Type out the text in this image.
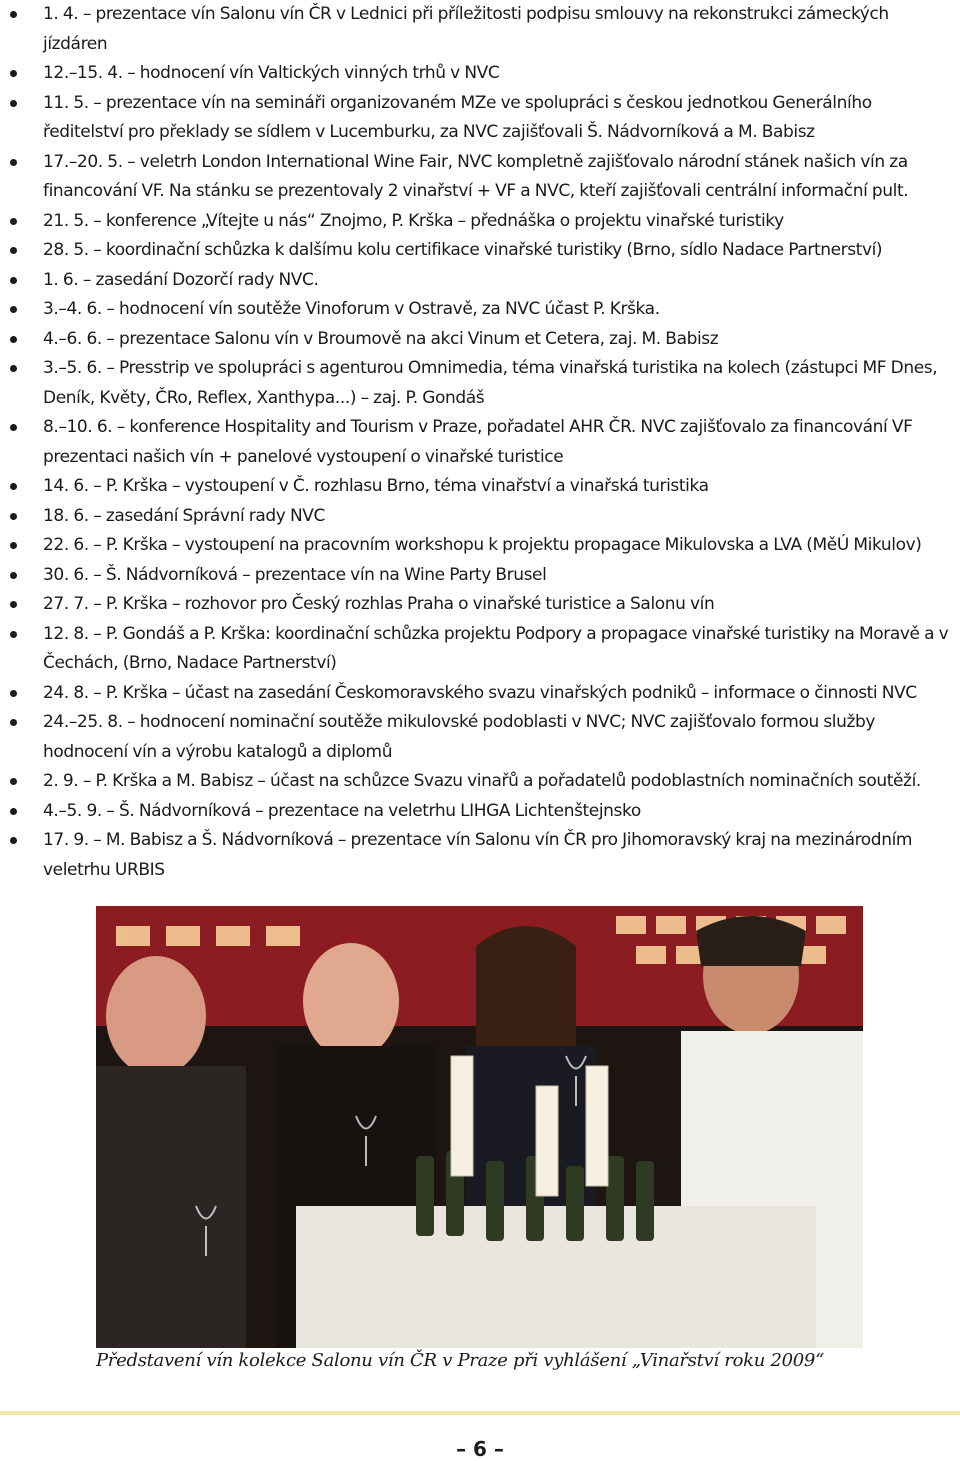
1. 4. – prezentace vín Salonu vín ČR v Lednici při příležitosti podpisu smlouvy na rekonstrukci zámeckých jízdáren
12.–15. 4. – hodnocení vín Valtických vinných trhů v NVC
11. 5. – prezentace vín na semináři organizovaném MZe ve spolupráci s českou jednotkou Generálního ředitelství pro překlady se sídlem v Lucemburku, za NVC zajišťovali Š. Nádvorníková a M. Babisz
17.–20. 5. – veletrh London International Wine Fair, NVC kompletně zajišťovalo národní stánek našich vín za financování VF. Na stánku se prezentovaly 2 vinařství + VF a NVC, kteří zajišťovali centrální informační pult.
21. 5. – konference „Vítejte u nás“ Znojmo, P. Krška – přednáška o projektu vinařské turistiky
28. 5. – koordinační schůzka k dalšímu kolu certifikace vinařské turistiky (Brno, sídlo Nadace Partnerství)
1. 6. – zasedání Dozorčí rady NVC.
3.–4. 6. – hodnocení vín soutěže Vinoforum v Ostravě, za NVC účast P. Krška.
4.–6. 6. – prezentace Salonu vín v Broumově na akci Vinum et Cetera, zaj. M. Babisz
3.–5. 6. – Presstrip ve spolupráci s agenturou Omnimedia, téma vinařská turistika na kolech (zástupci MF Dnes, Deník, Květy, ČRo, Reflex, Xanthypa...) – zaj. P. Gondáš
8.–10. 6. – konference Hospitality and Tourism v Praze, pořadatel AHR ČR. NVC zajišťovalo za financování VF prezentaci našich vín + panelové vystoupení o vinařské turistice
14. 6. – P. Krška – vystoupení v Č. rozhlasu Brno, téma vinařství a vinařská turistika
18. 6. – zasedání Správní rady NVC
22. 6. – P. Krška – vystoupení na pracovním workshopu k projektu propagace Mikulovska a LVA (MěÚ Mikulov)
30. 6. – Š. Nádvorníková – prezentace vín na Wine Party Brusel
27. 7. – P. Krška – rozhovor pro Český rozhlas Praha o vinařské turistice a Salonu vín
12. 8. – P. Gondáš a P. Krška: koordinační schůzka projektu Podpory a propagace vinařské turistiky na Moravě a v Čechách, (Brno, Nadace Partnerství)
24. 8. – P. Krška – účast na zasedání Českomoravského svazu vinařských podniků – informace o činnosti NVC
24.–25. 8. – hodnocení nominační soutěže mikulovské podoblasti v NVC; NVC zajišťovalo formou služby hodnocení vín a výrobu katalogů a diplomů
2. 9. – P. Krška a M. Babisz – účast na schůzce Svazu vinařů a pořadatelů podoblastních nominačních soutěží.
4.–5. 9. – Š. Nádvorníková – prezentace na veletrhu LIHGA Lichtenštejnsko
17. 9. – M. Babisz a Š. Nádvorníková – prezentace vín Salonu vín ČR pro Jihomoravský kraj na mezinárodním veletrhu URBIS
Představení vín kolekce Salonu vín ČR v Praze při vyhlášení „Vinařství roku 2009“
– 6 –
